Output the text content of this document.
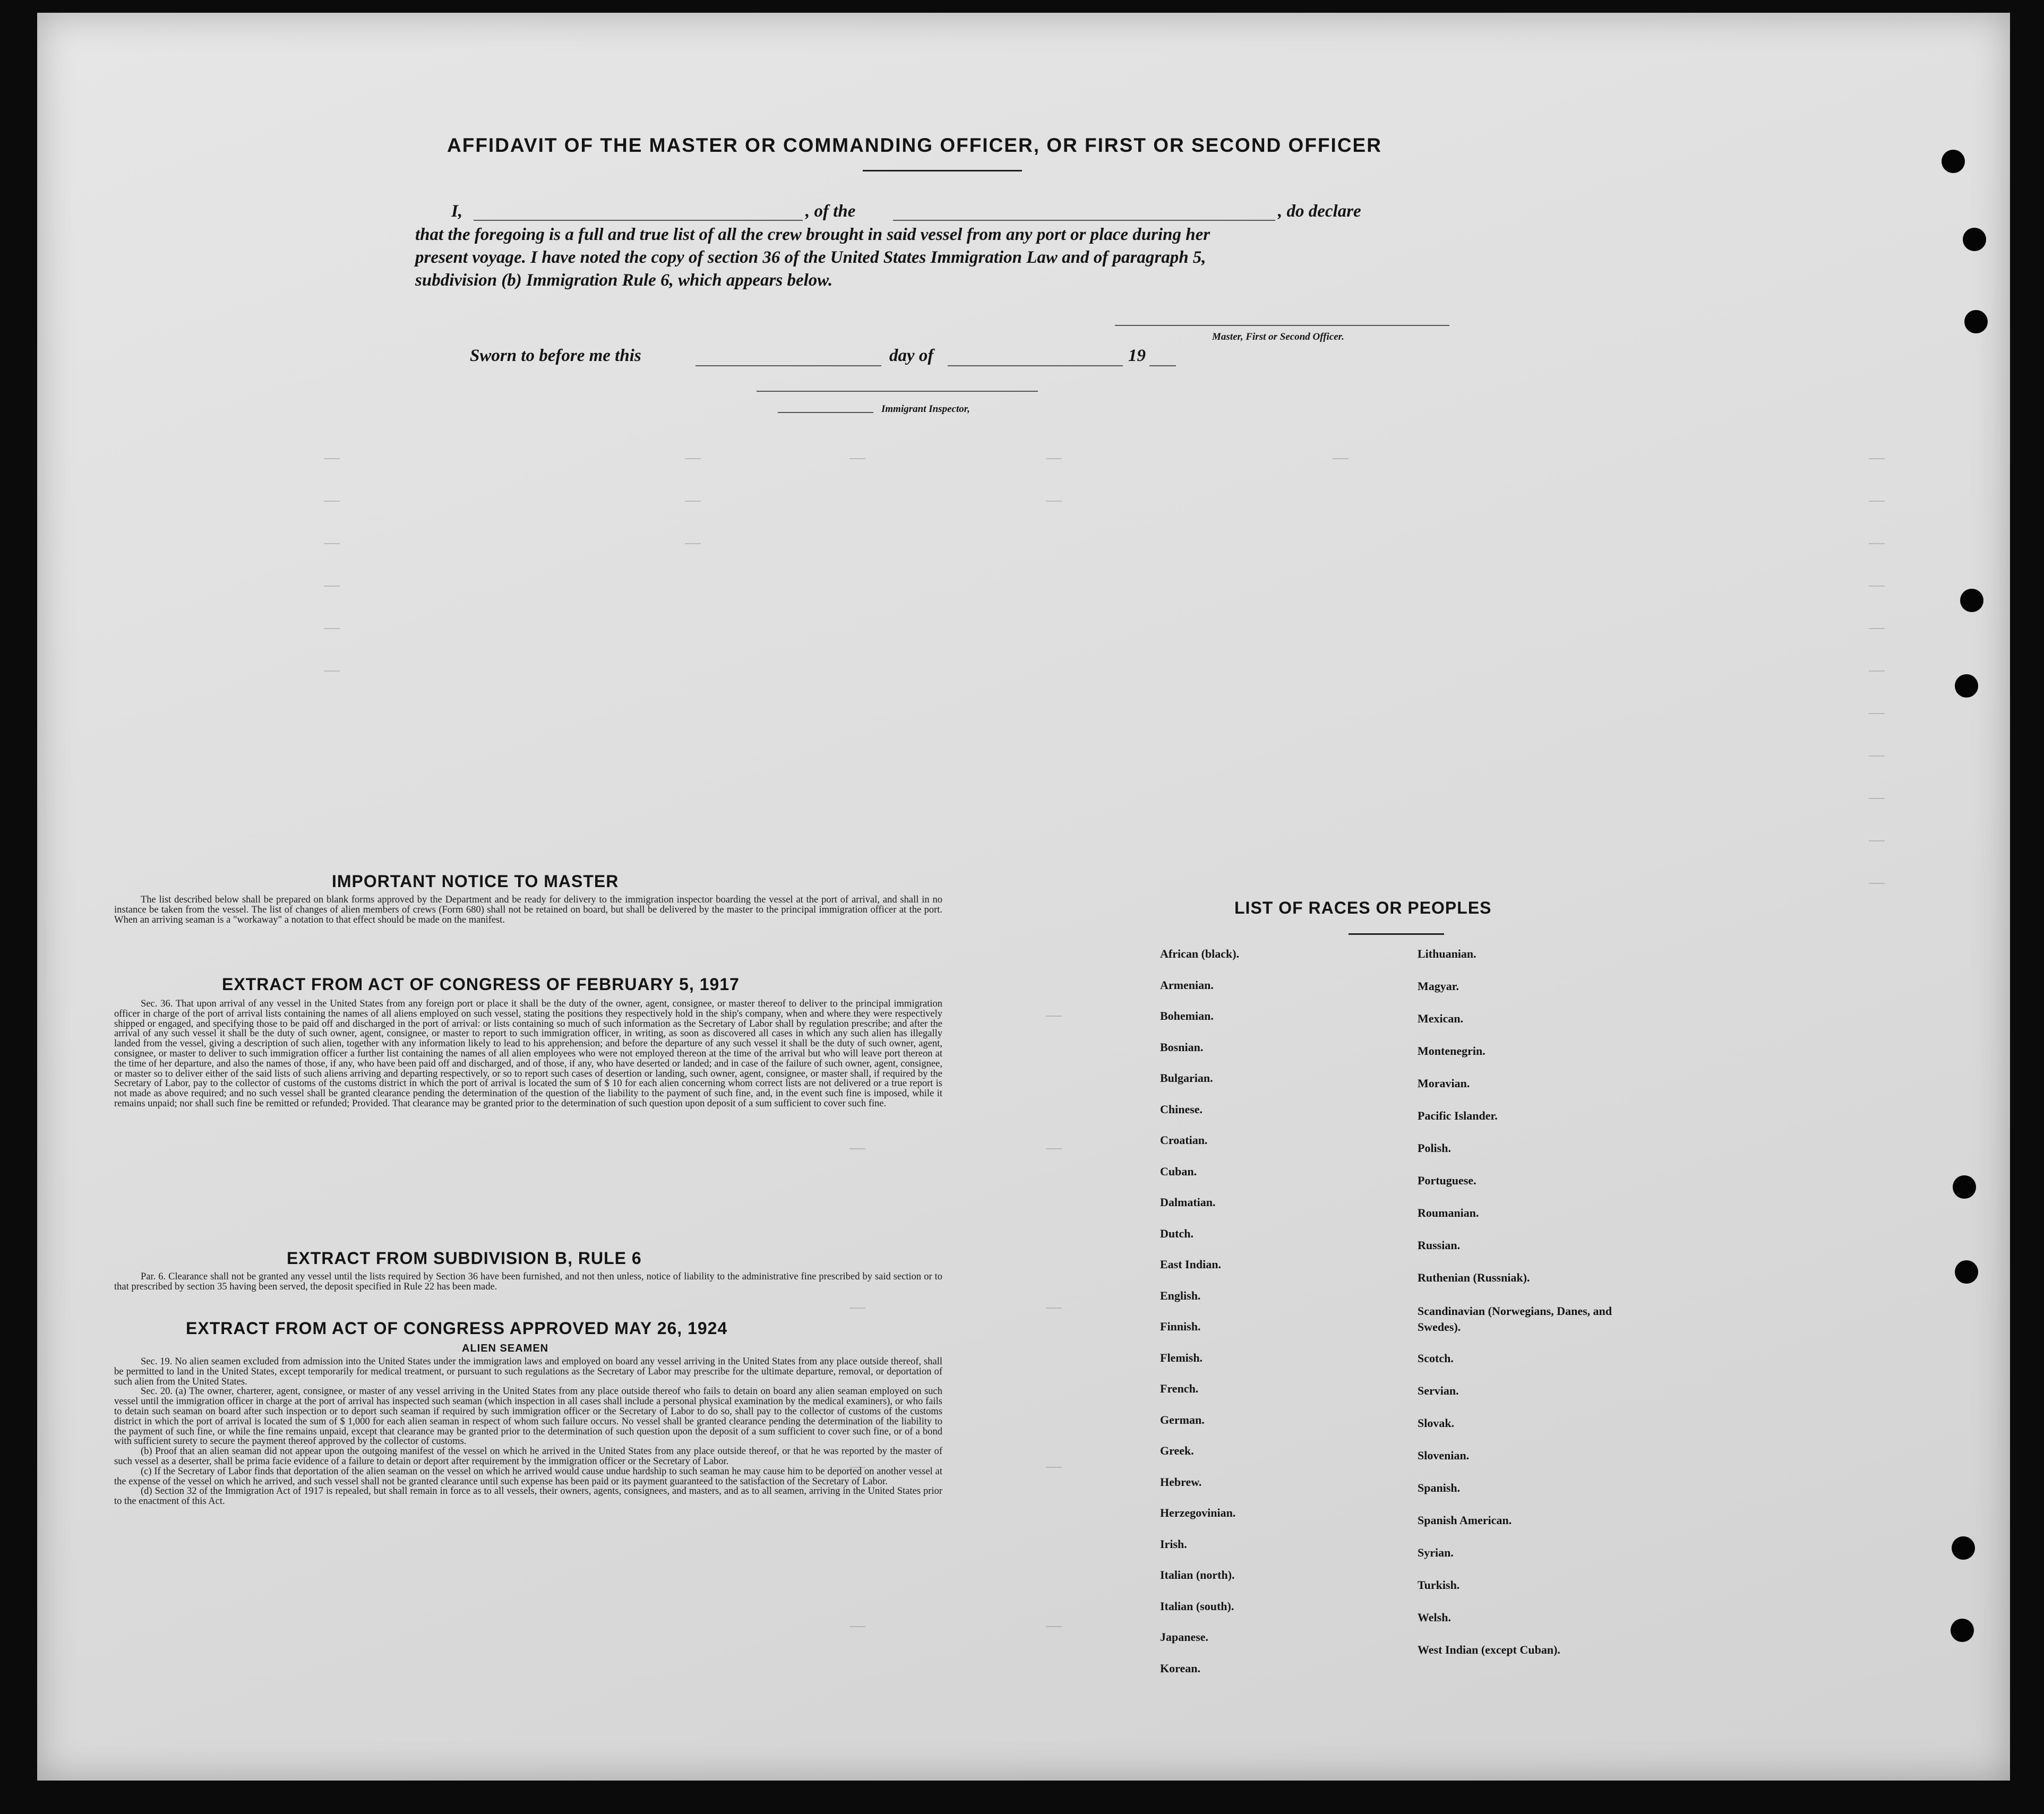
AFFIDAVIT OF THE MASTER OR COMMANDING OFFICER, OR FIRST OR SECOND OFFICER
I,	, of the	, do declare
that the foregoing is a full and true list of all the crew brought in said vessel from any port or place during her
present voyage. I have noted the copy of section 36 of the United States Immigration Law and of paragraph 5,
subdivision (b) Immigration Rule 6, which appears below.
Master, First or Second Officer.
Sworn to before me this	day of	19
Immigrant Inspector,
IMPORTANT NOTICE TO MASTER

The list described below shall be prepared on blank forms approved by the Department and be ready for delivery to the immigration inspector boarding the vessel at the port of arrival, and shall in no instance be taken from the vessel. The list of changes of alien members of crews (Form 680) shall not be retained on board, but shall be delivered by the master to the principal immigration officer at the port. When an arriving seaman is a "workaway" a notation to that effect should be made on the manifest.

EXTRACT FROM ACT OF CONGRESS OF FEBRUARY 5, 1917

Sec. 36. That upon arrival of any vessel in the United States from any foreign port or place it shall be the duty of the owner, agent, consignee, or master thereof to deliver to the principal immigration officer in charge of the port of arrival lists containing the names of all aliens employed on such vessel, stating the positions they respectively hold in the ship's company, when and where they were respectively shipped or engaged, and specifying those to be paid off and discharged in the port of arrival: or lists containing so much of such information as the Secretary of Labor shall by regulation prescribe; and after the arrival of any such vessel it shall be the duty of such owner, agent, consignee, or master to report to such immigration officer, in writing, as soon as discovered all cases in which any such alien has illegally landed from the vessel, giving a description of such alien, together with any information likely to lead to his apprehension; and before the departure of any such vessel it shall be the duty of such owner, agent, consignee, or master to deliver to such immigration officer a further list containing the names of all alien employees who were not employed thereon at the time of the arrival but who will leave port thereon at the time of her departure, and also the names of those, if any, who have been paid off and discharged, and of those, if any, who have deserted or landed; and in case of the failure of such owner, agent, consignee, or master so to deliver either of the said lists of such aliens arriving and departing respectively, or so to report such cases of desertion or landing, such owner, agent, consignee, or master shall, if required by the Secretary of Labor, pay to the collector of customs of the customs district in which the port of arrival is located the sum of $ 10 for each alien concerning whom correct lists are not delivered or a true report is not made as above required; and no such vessel shall be granted clearance pending the determination of the question of the liability to the payment of such fine, and, in the event such fine is imposed, while it remains unpaid; nor shall such fine be remitted or refunded; Provided. That clearance may be granted prior to the determination of such question upon deposit of a sum sufficient to cover such fine.

EXTRACT FROM SUBDIVISION B, RULE 6

Par. 6. Clearance shall not be granted any vessel until the lists required by Section 36 have been furnished, and not then unless, notice of liability to the administrative fine prescribed by said section or to that prescribed by section 35 having been served, the deposit specified in Rule 22 has been made.

EXTRACT FROM ACT OF CONGRESS APPROVED MAY 26, 1924
ALIEN SEAMEN

Sec. 19. No alien seamen excluded from admission into the United States under the immigration laws and employed on board any vessel arriving in the United States from any place outside thereof, shall be permitted to land in the United States, except temporarily for medical treatment, or pursuant to such regulations as the Secretary of Labor may prescribe for the ultimate departure, removal, or deportation of such alien from the United States.

Sec. 20. (a) The owner, charterer, agent, consignee, or master of any vessel arriving in the United States from any place outside thereof who fails to detain on board any alien seaman employed on such vessel until the immigration officer in charge at the port of arrival has inspected such seaman (which inspection in all cases shall include a personal physical examination by the medical examiners), or who fails to detain such seaman on board after such inspection or to deport such seaman if required by such immigration officer or the Secretary of Labor to do so, shall pay to the collector of customs of the customs district in which the port of arrival is located the sum of $ 1,000 for each alien seaman in respect of whom such failure occurs. No vessel shall be granted clearance pending the determination of the liability to the payment of such fine, or while the fine remains unpaid, except that clearance may be granted prior to the determination of such question upon the deposit of a sum sufficient to cover such fine, or of a bond with sufficient surety to secure the payment thereof approved by the collector of customs.

(b) Proof that an alien seaman did not appear upon the outgoing manifest of the vessel on which he arrived in the United States from any place outside thereof, or that he was reported by the master of such vessel as a deserter, shall be prima facie evidence of a failure to detain or deport after requirement by the immigration officer or the Secretary of Labor.

(c) If the Secretary of Labor finds that deportation of the alien seaman on the vessel on which he arrived would cause undue hardship to such seaman he may cause him to be deported on another vessel at the expense of the vessel on which he arrived, and such vessel shall not be granted clearance until such expense has been paid or its payment guaranteed to the satisfaction of the Secretary of Labor.

(d) Section 32 of the Immigration Act of 1917 is repealed, but shall remain in force as to all vessels, their owners, agents, consignees, and masters, and as to all seamen, arriving in the United States prior to the enactment of this Act.

LIST OF RACES OR PEOPLES
African (black).
Armenian.
Bohemian.
Bosnian.
Bulgarian.
Chinese.
Croatian.
Cuban.
Dalmatian.
Dutch.
East Indian.
English.
Finnish.
Flemish.
French.
German.
Greek.
Hebrew.
Herzegovinian.
Irish.
Italian (north).
Italian (south).
Japanese.
Korean.
Lithuanian.
Magyar.
Mexican.
Montenegrin.
Moravian.
Pacific Islander.
Polish.
Portuguese.
Roumanian.
Russian.
Ruthenian (Russniak).
Scandinavian (Norwegians, Danes, and Swedes).
Scotch.
Servian.
Slovak.
Slovenian.
Spanish.
Spanish American.
Syrian.
Turkish.
Welsh.
West Indian (except Cuban).
